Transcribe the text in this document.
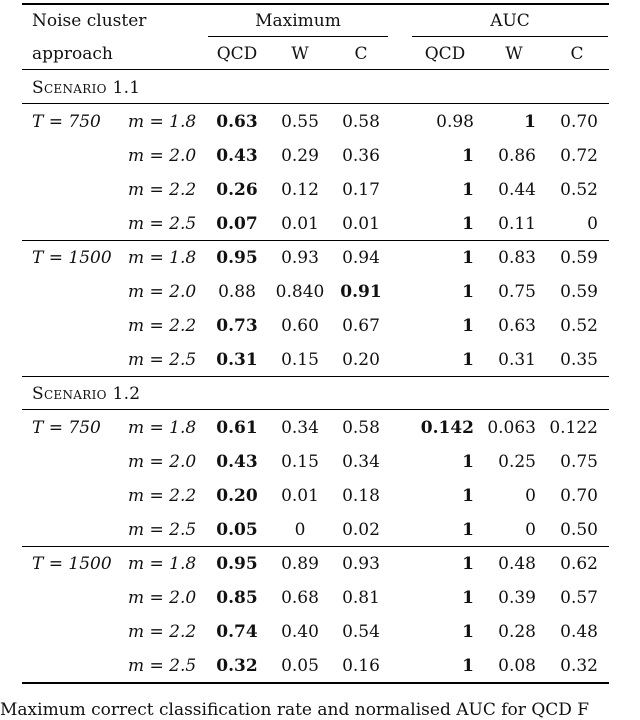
Noise cluster
approach
Maximum	AUC
QCD	W	C	QCD	W	C
Scenario 1.1
T = 750 m = 1.8	0.63	0.55	0.58	0.98	1	0.70
m = 2.0	0.43	0.29	0.36	1	0.86	0.72
m = 2.2	0.26	0.12	0.17	1	0.44	0.52
m = 2.5	0.07	0.01	0.01	1	0.11	0
T = 1500 m = 1.8	0.95	0.93	0.94	1	0.83	0.59
m = 2.0	0.88	0.840 0.91	1	0.75	0.59
m = 2.2	0.73	0.60	0.67	1	0.63	0.52
m = 2.5	0.31	0.15	0.20	1	0.31	0.35
Scenario 1.2
T = 750 m = 1.8	0.61	0.34	0.58	0.142 0.063 0.122
m = 2.0	0.43	0.15	0.34	1	0.25	0.75
m = 2.2	0.20	0.01	0.18	1	0	0.70
m = 2.5	0.05	0	0.02	1	0	0.50
T = 1500 m = 1.8	0.95	0.89	0.93	1	0.48	0.62
m = 2.0	0.85	0.68	0.81	1	0.39	0.57
m = 2.2	0.74	0.40	0.54	1	0.28	0.48
m = 2.5	0.32	0.05	0.16	1	0.08	0.32
Maximum correct classification rate and normalised AUC for QCD F
